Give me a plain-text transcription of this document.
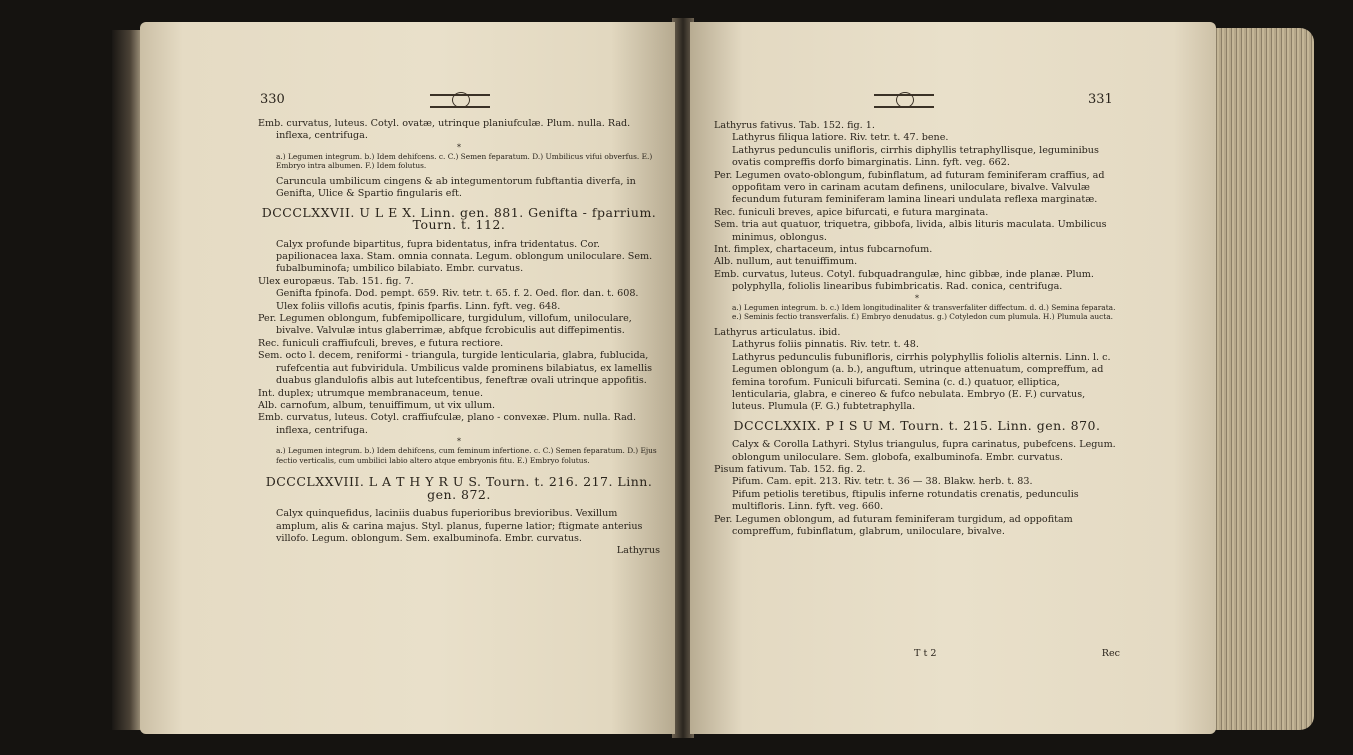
330

Emb. curvatus, luteus. Cotyl. ovatæ, utrinque planiufculæ. Plum. nulla. Rad. inflexa, centrifuga.

*

a.) Legumen integrum. b.) Idem dehifcens. c. C.) Semen feparatum. D.) Umbilicus vifui obverfus. E.) Embryo intra albumen. F.) Idem folutus.

Caruncula umbilicum cingens & ab integumentorum fubftantia diverfa, in Genifta, Ulice & Spartio fingularis eft.

DCCCLXXVII. U L E X. Linn. gen. 881. Genifta - fparrium. Tourn. t. 112.

Calyx profunde bipartitus, fupra bidentatus, infra tridentatus. Cor. papilionacea laxa. Stam. omnia connata. Legum. oblongum uniloculare. Sem. fubalbuminofa; umbilico bilabiato. Embr. curvatus.

Ulex europæus. Tab. 151. fig. 7.

Genifta fpinofa. Dod. pempt. 659. Riv. tetr. t. 65. f. 2. Oed. flor. dan. t. 608.

Ulex foliis villofis acutis, fpinis fparfis. Linn. fyft. veg. 648.

Per. Legumen oblongum, fubfemipollicare, turgidulum, villofum, uniloculare, bivalve. Valvulæ intus glaberrimæ, abfque fcrobiculis aut diffepimentis.

Rec. funiculi craffiufculi, breves, e futura rectiore.

Sem. octo l. decem, reniformi - triangula, turgide lenticularia, glabra, fublucida, rufefcentia aut fubviridula. Umbilicus valde prominens bilabiatus, ex lamellis duabus glandulofis albis aut lutefcentibus, feneftræ ovali utrinque appofitis.

Int. duplex; utrumque membranaceum, tenue.

Alb. carnofum, album, tenuiffimum, ut vix ullum.

Emb. curvatus, luteus. Cotyl. craffiufculæ, plano - convexæ. Plum. nulla. Rad. inflexa, centrifuga.

*

a.) Legumen integrum. b.) Idem dehifcens, cum feminum infertione. c. C.) Semen feparatum. D.) Ejus fectio verticalis, cum umbilici labio altero atque embryonis fitu. E.) Embryo folutus.

DCCCLXXVIII. L A T H Y R U S. Tourn. t. 216. 217. Linn. gen. 872.

Calyx quinquefidus, laciniis duabus fuperioribus brevioribus. Vexillum amplum, alis & carina majus. Styl. planus, fuperne latior; ftigmate anterius villofo. Legum. oblongum. Sem. exalbuminofa. Embr. curvatus.

Lathyrus

331

Lathyrus fativus. Tab. 152. fig. 1.

Lathyrus filiqua latiore. Riv. tetr. t. 47. bene.

Lathyrus pedunculis unifloris, cirrhis diphyllis tetraphyllisque, leguminibus ovatis compreffis dorfo bimarginatis. Linn. fyft. veg. 662.

Per. Legumen ovato-oblongum, fubinflatum, ad futuram feminiferam craffius, ad oppofitam vero in carinam acutam definens, uniloculare, bivalve. Valvulæ fecundum futuram feminiferam lamina lineari undulata reflexa marginatæ.

Rec. funiculi breves, apice bifurcati, e futura marginata.

Sem. tria aut quatuor, triquetra, gibbofa, livida, albis lituris maculata. Umbilicus minimus, oblongus.

Int. fimplex, chartaceum, intus fubcarnofum.

Alb. nullum, aut tenuiffimum.

Emb. curvatus, luteus. Cotyl. fubquadrangulæ, hinc gibbæ, inde planæ. Plum. polyphylla, foliolis linearibus fubimbricatis. Rad. conica, centrifuga.

*

a.) Legumen integrum. b. c.) Idem longitudinaliter & transverfaliter diffectum. d. d.) Semina feparata. e.) Seminis fectio transverfalis. f.) Embryo denudatus. g.) Cotyledon cum plumula. H.) Plumula aucta.

Lathyrus articulatus. ibid.

Lathyrus foliis pinnatis. Riv. tetr. t. 48.

Lathyrus pedunculis fubunifloris, cirrhis polyphyllis foliolis alternis. Linn. l. c.

Legumen oblongum (a. b.), anguftum, utrinque attenuatum, compreffum, ad femina torofum. Funiculi bifurcati. Semina (c. d.) quatuor, elliptica, lenticularia, glabra, e cinereo & fufco nebulata. Embryo (E. F.) curvatus, luteus. Plumula (F. G.) fubtetraphylla.

DCCCLXXIX. P I S U M. Tourn. t. 215. Linn. gen. 870.

Calyx & Corolla Lathyri. Stylus triangulus, fupra carinatus, pubefcens. Legum. oblongum uniloculare. Sem. globofa, exalbuminofa. Embr. curvatus.

Pisum fativum. Tab. 152. fig. 2.

Pifum. Cam. epit. 213. Riv. tetr. t. 36 — 38. Blakw. herb. t. 83.

Pifum petiolis teretibus, ftipulis inferne rotundatis crenatis, pedunculis multifloris. Linn. fyft. veg. 660.

Per. Legumen oblongum, ad futuram feminiferam turgidum, ad oppofitam compreffum, fubinflatum, glabrum, uniloculare, bivalve.

T t 2	Rec
